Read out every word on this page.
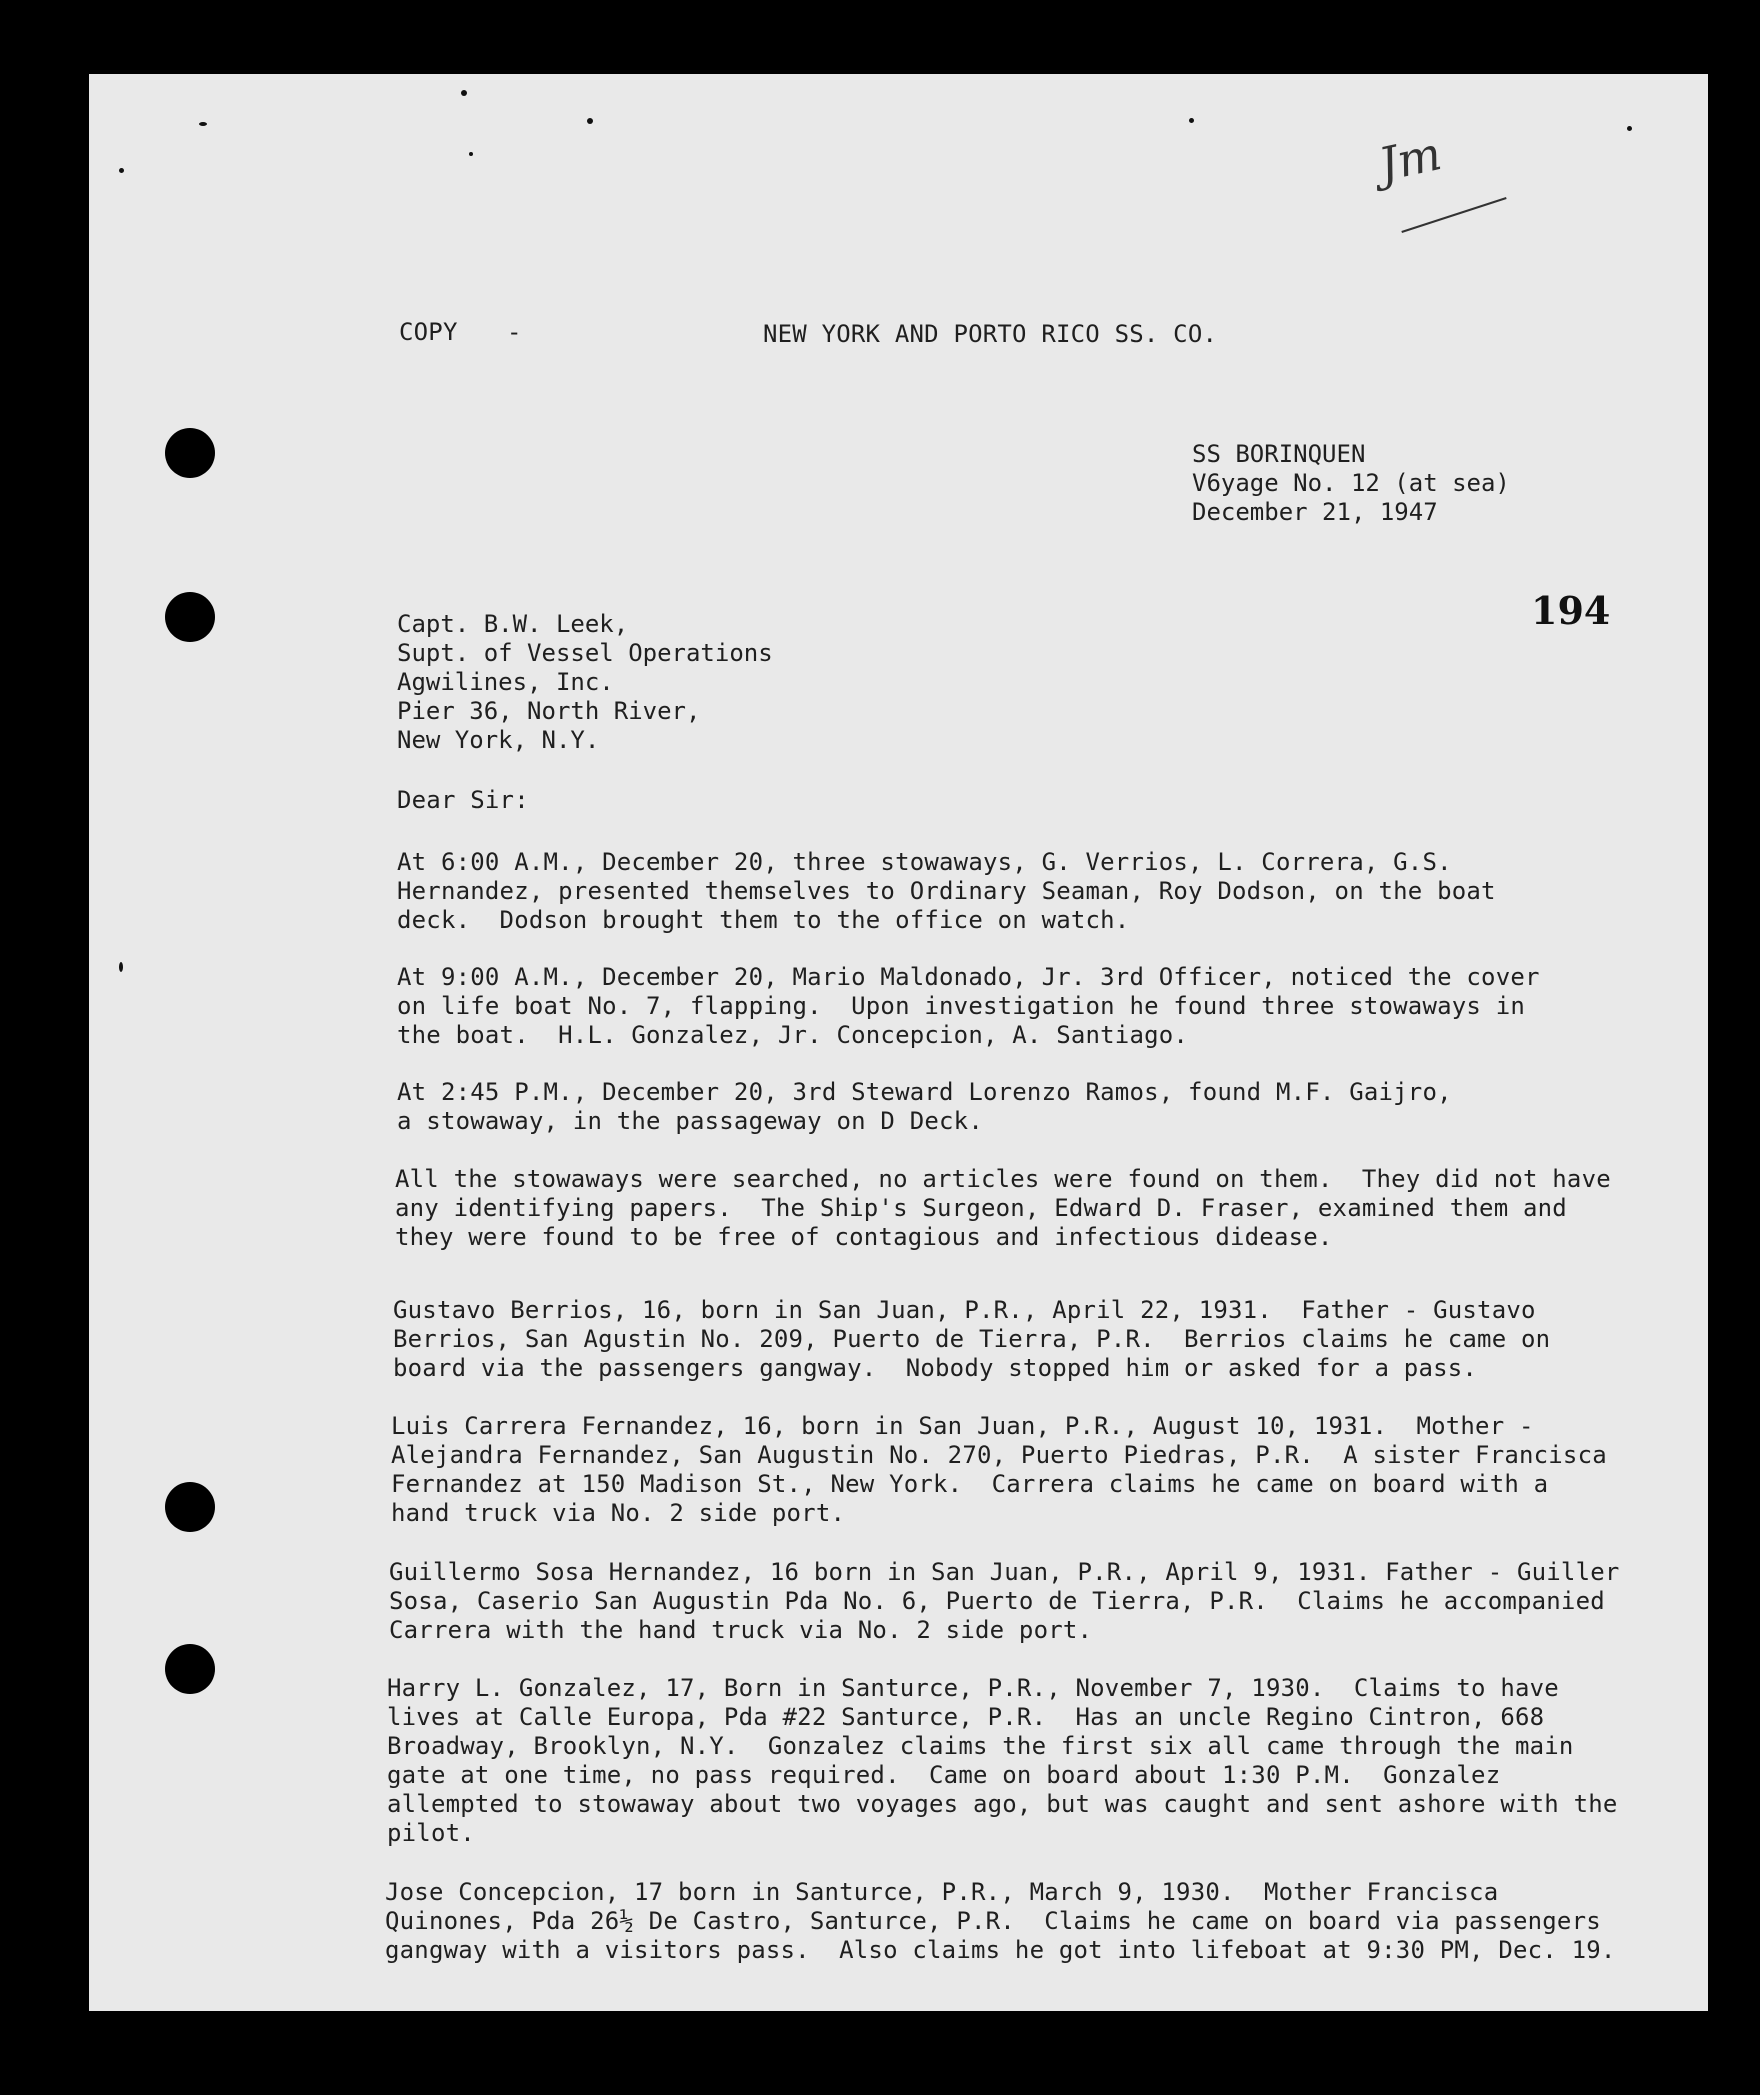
Jm
COPY -	NEW YORK AND PORTO RICO SS. CO.
SS BORINQUEN
V6yage No. 12 (at sea)
December 21, 1947
194
Capt. B.W. Leek,
Supt. of Vessel Operations
Agwilines, Inc.
Pier 36, North River,
New York, N.Y.
Dear Sir:
At 6:00 A.M., December 20, three stowaways, G. Verrios, L. Correra, G.S.
Hernandez, presented themselves to Ordinary Seaman, Roy Dodson, on the boat
deck.  Dodson brought them to the office on watch.
At 9:00 A.M., December 20, Mario Maldonado, Jr. 3rd Officer, noticed the cover
on life boat No. 7, flapping.  Upon investigation he found three stowaways in
the boat.  H.L. Gonzalez, Jr. Concepcion, A. Santiago.
At 2:45 P.M., December 20, 3rd Steward Lorenzo Ramos, found M.F. Gaijro,
a stowaway, in the passageway on D Deck.
All the stowaways were searched, no articles were found on them.  They did not have
any identifying papers.  The Ship's Surgeon, Edward D. Fraser, examined them and
they were found to be free of contagious and infectious didease.
Gustavo Berrios, 16, born in San Juan, P.R., April 22, 1931.  Father - Gustavo
Berrios, San Agustin No. 209, Puerto de Tierra, P.R.  Berrios claims he came on
board via the passengers gangway.  Nobody stopped him or asked for a pass.
Luis Carrera Fernandez, 16, born in San Juan, P.R., August 10, 1931.  Mother -
Alejandra Fernandez, San Augustin No. 270, Puerto Piedras, P.R.  A sister Francisca
Fernandez at 150 Madison St., New York.  Carrera claims he came on board with a
hand truck via No. 2 side port.
Guillermo Sosa Hernandez, 16 born in San Juan, P.R., April 9, 1931. Father - Guiller
Sosa, Caserio San Augustin Pda No. 6, Puerto de Tierra, P.R.  Claims he accompanied
Carrera with the hand truck via No. 2 side port.
Harry L. Gonzalez, 17, Born in Santurce, P.R., November 7, 1930.  Claims to have
lives at Calle Europa, Pda #22 Santurce, P.R.  Has an uncle Regino Cintron, 668
Broadway, Brooklyn, N.Y.  Gonzalez claims the first six all came through the main
gate at one time, no pass required.  Came on board about 1:30 P.M.  Gonzalez
allempted to stowaway about two voyages ago, but was caught and sent ashore with the
pilot.
Jose Concepcion, 17 born in Santurce, P.R., March 9, 1930.  Mother Francisca
Quinones, Pda 26½ De Castro, Santurce, P.R.  Claims he came on board via passengers
gangway with a visitors pass.  Also claims he got into lifeboat at 9:30 PM, Dec. 19.
